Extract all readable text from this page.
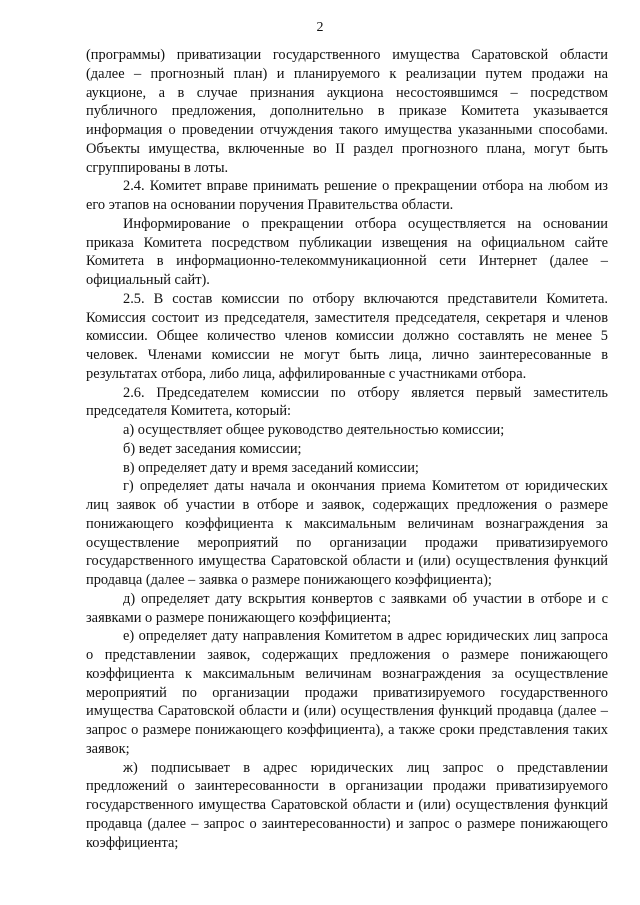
2

(программы) приватизации государственного имущества Саратовской области (далее – прогнозный план) и планируемого к реализации путем продажи на аукционе, а в случае признания аукциона несостоявшимся – посредством публичного предложения, дополнительно в приказе Комитета указывается информация о проведении отчуждения такого имущества указанными способами. Объекты имущества, включенные во II раздел прогнозного плана, могут быть сгруппированы в лоты.

2.4. Комитет вправе принимать решение о прекращении отбора на любом из его этапов на основании поручения Правительства области.

Информирование о прекращении отбора осуществляется на основании приказа Комитета посредством публикации извещения на официальном сайте Комитета в информационно-телекоммуникационной сети Интернет (далее – официальный сайт).

2.5. В состав комиссии по отбору включаются представители Комитета. Комиссия состоит из председателя, заместителя председателя, секретаря и членов комиссии. Общее количество членов комиссии должно составлять не менее 5 человек. Членами комиссии не могут быть лица, лично заинтересованные в результатах отбора, либо лица, аффилированные с участниками отбора.

2.6. Председателем комиссии по отбору является первый заместитель председателя Комитета, который:

а) осуществляет общее руководство деятельностью комиссии;

б) ведет заседания комиссии;

в) определяет дату и время заседаний комиссии;

г) определяет даты начала и окончания приема Комитетом от юридических лиц заявок об участии в отборе и заявок, содержащих предложения о размере понижающего коэффициента к максимальным величинам вознаграждения за осуществление мероприятий по организации продажи приватизируемого государственного имущества Саратовской области и (или) осуществления функций продавца (далее – заявка о размере понижающего коэффициента);

д) определяет дату вскрытия конвертов с заявками об участии в отборе и с заявками о размере понижающего коэффициента;

е) определяет дату направления Комитетом в адрес юридических лиц запроса о представлении заявок, содержащих предложения о размере понижающего коэффициента к максимальным величинам вознаграждения за осуществление мероприятий по организации продажи приватизируемого государственного имущества Саратовской области и (или) осуществления функций продавца (далее – запрос о размере понижающего коэффициента), а также сроки представления таких заявок;

ж) подписывает в адрес юридических лиц запрос о представлении предложений о заинтересованности в организации продажи приватизируемого государственного имущества Саратовской области и (или) осуществления функций продавца (далее – запрос о заинтересованности) и запрос о размере понижающего коэффициента;
